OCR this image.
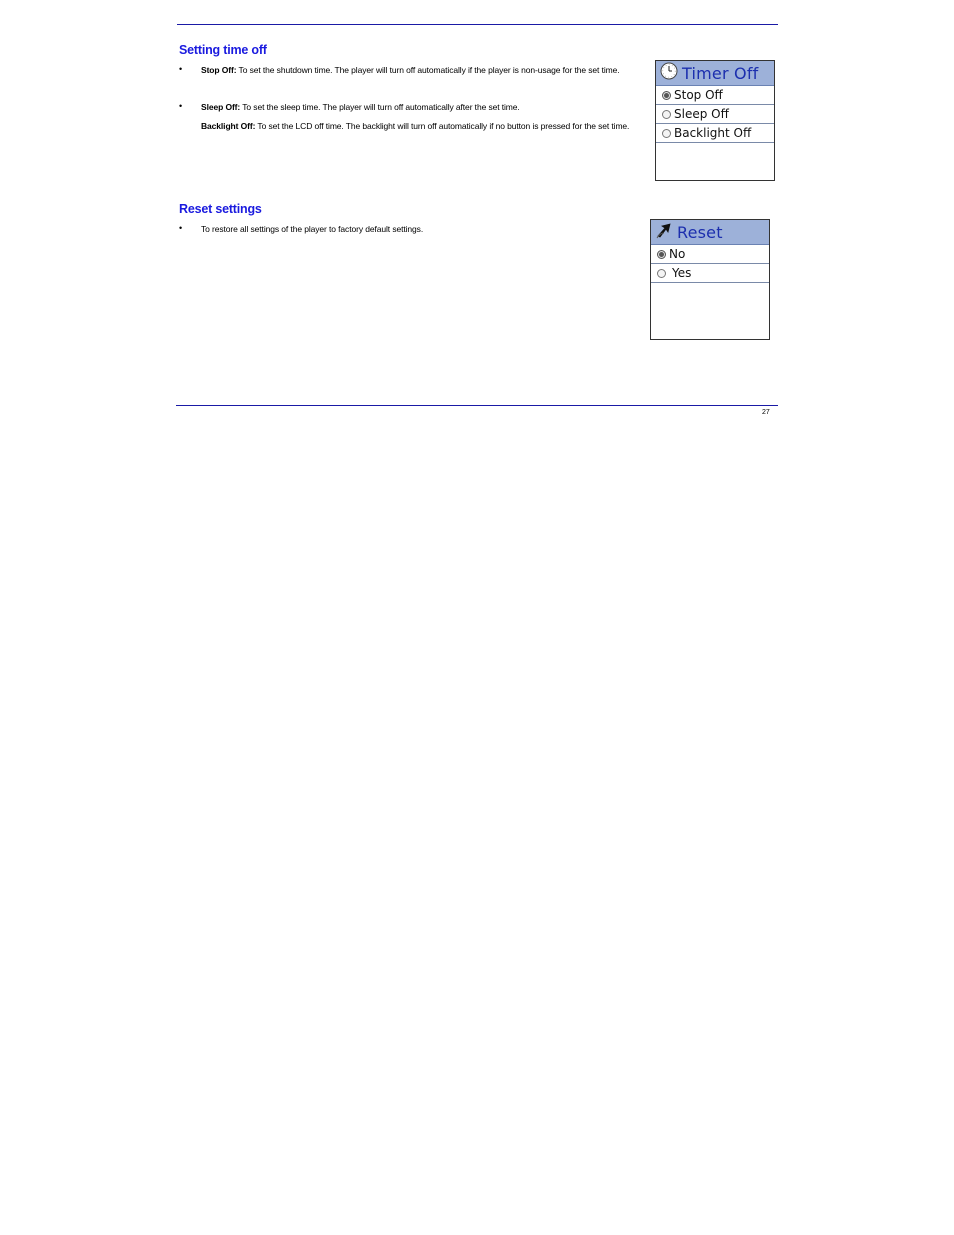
Setting time off
• Stop Off: To set the shutdown time. The player will turn off automatically if the player is non-usage for the set time.
• Sleep Off: To set the sleep time. The player will turn off automatically after the set time.
Backlight Off: To set the LCD off time. The backlight will turn off automatically if no button is pressed for the set time.
Timer Off
Stop Off
Sleep Off
Backlight Off
Reset settings
• To restore all settings of the player to factory default settings.	Reset
No
Yes
27
